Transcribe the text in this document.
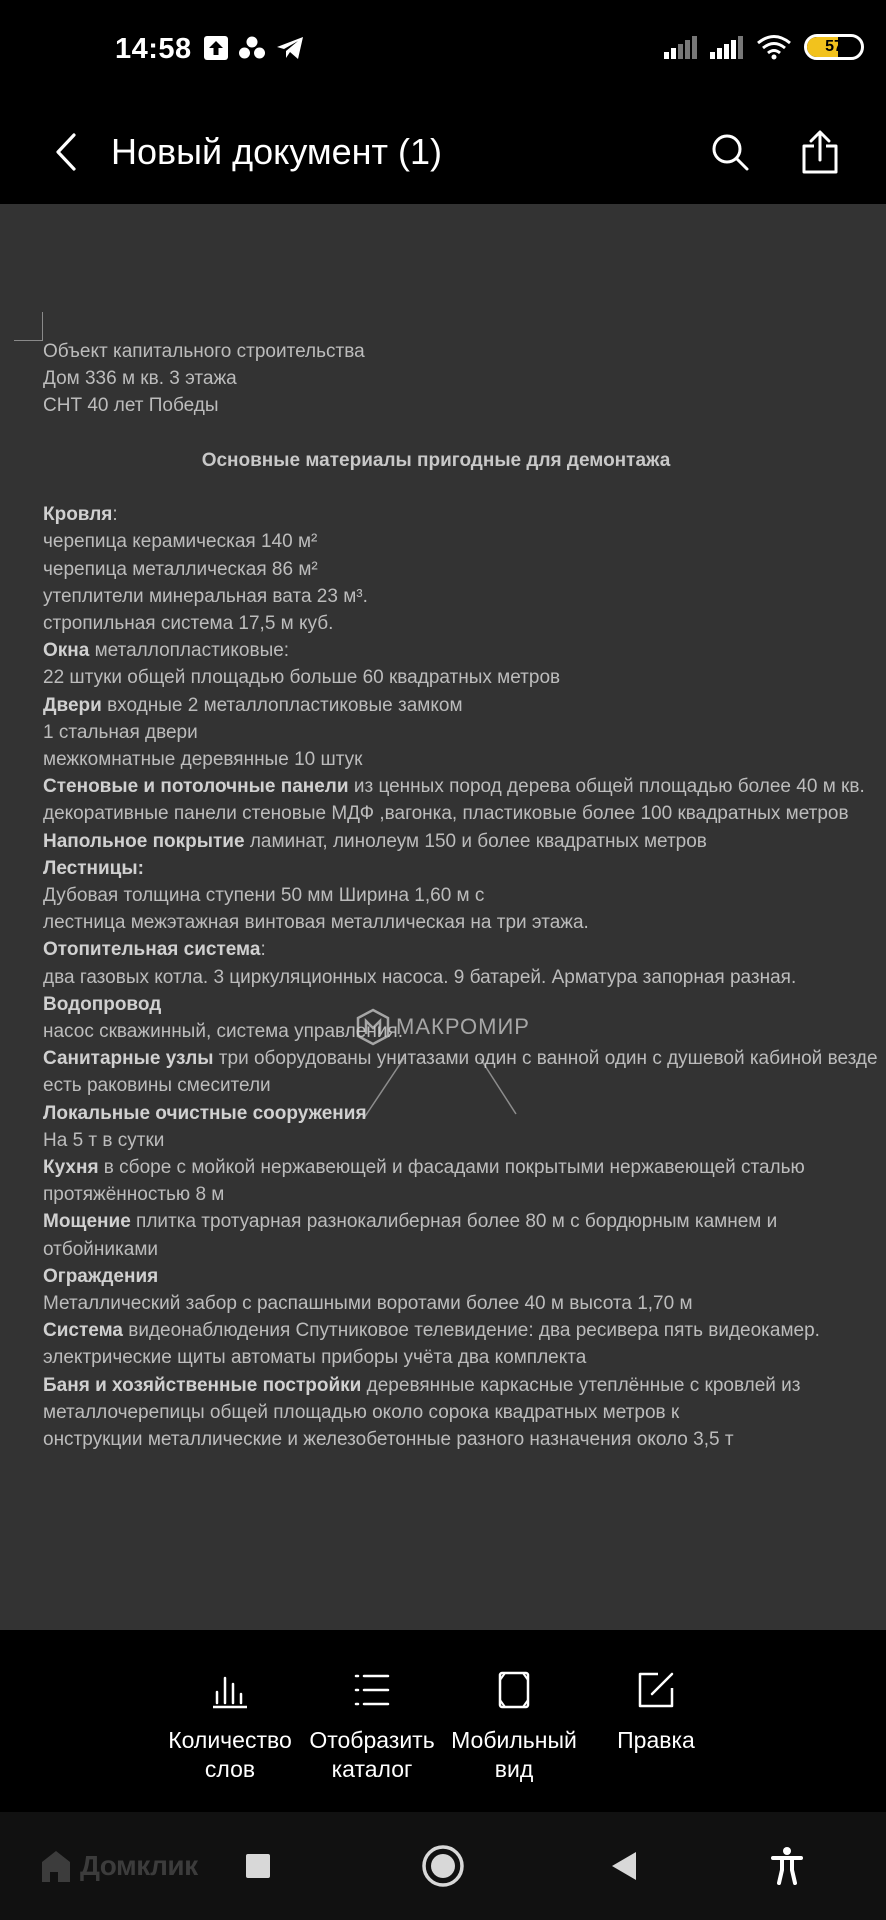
14:58	57
Новый документ (1)

Объект капитального строительства

Дом 336 м кв. 3 этажа

СНТ 40 лет Победы

Основные материалы пригодные для демонтажа

Кровля:

черепица керамическая 140 м²

черепица металлическая 86 м²

утеплители минеральная вата 23 м³.

стропильная система 17,5 м куб.

Окна металлопластиковые:

22 штуки общей площадью больше 60 квадратных метров

Двери входные 2 металлопластиковые замком

1 стальная двери

межкомнатные деревянные 10 штук

Стеновые и потолочные панели из ценных пород дерева общей площадью более 40 м кв.

декоративные панели стеновые МДФ ,вагонка, пластиковые более 100 квадратных метров

Напольное покрытие ламинат, линолеум 150 и более квадратных метров

Лестницы:

Дубовая толщина ступени 50 мм Ширина 1,60 м с

лестница межэтажная винтовая металлическая на три этажа.

Отопительная система:

два газовых котла. 3 циркуляционных насоса. 9 батарей. Арматура запорная разная.

Водопровод

насос скважинный, система управления.

Санитарные узлы три оборудованы унитазами один с ванной один с душевой кабиной везде есть раковины смесители

Локальные очистные сооружения

На 5 т в сутки

Кухня в сборе с мойкой нержавеющей и фасадами покрытыми нержавеющей сталью протяжённостью 8 м

Мощение плитка тротуарная разнокалиберная более 80 м с бордюрным камнем и отбойниками

Ограждения

Металлический забор с распашными воротами более 40 м высота 1,70 м

Система видеонаблюдения Спутниковое телевидение: два ресивера пять видеокамер.

электрические щиты автоматы приборы учёта два комплекта

Баня и хозяйственные постройки деревянные каркасные утеплённые с кровлей из металлочерепицы общей площадью около сорока квадратных метров к

онструкции металлические и железобетонные разного назначения около 3,5 т

МАКРОМИР
Количество
слов
Отобразить
каталог
Мобильный
вид
Правка
Домклик
